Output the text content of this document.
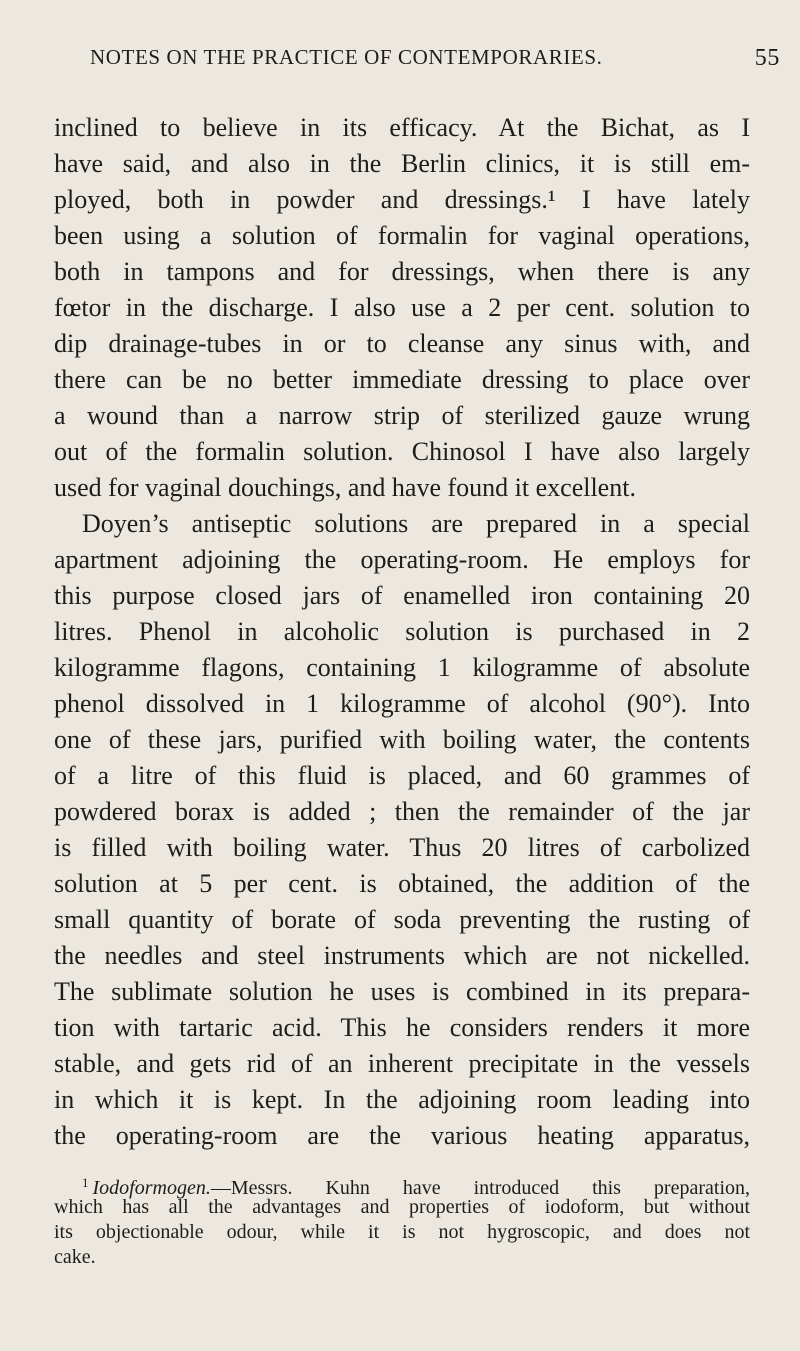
NOTES ON THE PRACTICE OF CONTEMPORARIES.	55
inclined to believe in its efficacy. At the Bichat, as I
have said, and also in the Berlin clinics, it is still em-
ployed, both in powder and dressings.¹ I have lately
been using a solution of formalin for vaginal operations,
both in tampons and for dressings, when there is any
fœtor in the discharge. I also use a 2 per cent. solution to
dip drainage-tubes in or to cleanse any sinus with, and
there can be no better immediate dressing to place over
a wound than a narrow strip of sterilized gauze wrung
out of the formalin solution. Chinosol I have also largely
used for vaginal douchings, and have found it excellent.
Doyen’s antiseptic solutions are prepared in a special
apartment adjoining the operating-room. He employs for
this purpose closed jars of enamelled iron containing 20
litres. Phenol in alcoholic solution is purchased in 2
kilogramme flagons, containing 1 kilogramme of absolute
phenol dissolved in 1 kilogramme of alcohol (90°). Into
one of these jars, purified with boiling water, the contents
of a litre of this fluid is placed, and 60 grammes of
powdered borax is added ; then the remainder of the jar
is filled with boiling water. Thus 20 litres of carbolized
solution at 5 per cent. is obtained, the addition of the
small quantity of borate of soda preventing the rusting of
the needles and steel instruments which are not nickelled.
The sublimate solution he uses is combined in its prepara-
tion with tartaric acid. This he considers renders it more
stable, and gets rid of an inherent precipitate in the vessels
in which it is kept. In the adjoining room leading into
the operating-room are the various heating apparatus,
$^1$ Iodoformogen.—Messrs. Kuhn have introduced this preparation,
which has all the advantages and properties of iodoform, but without
its objectionable odour, while it is not hygroscopic, and does not
cake.
